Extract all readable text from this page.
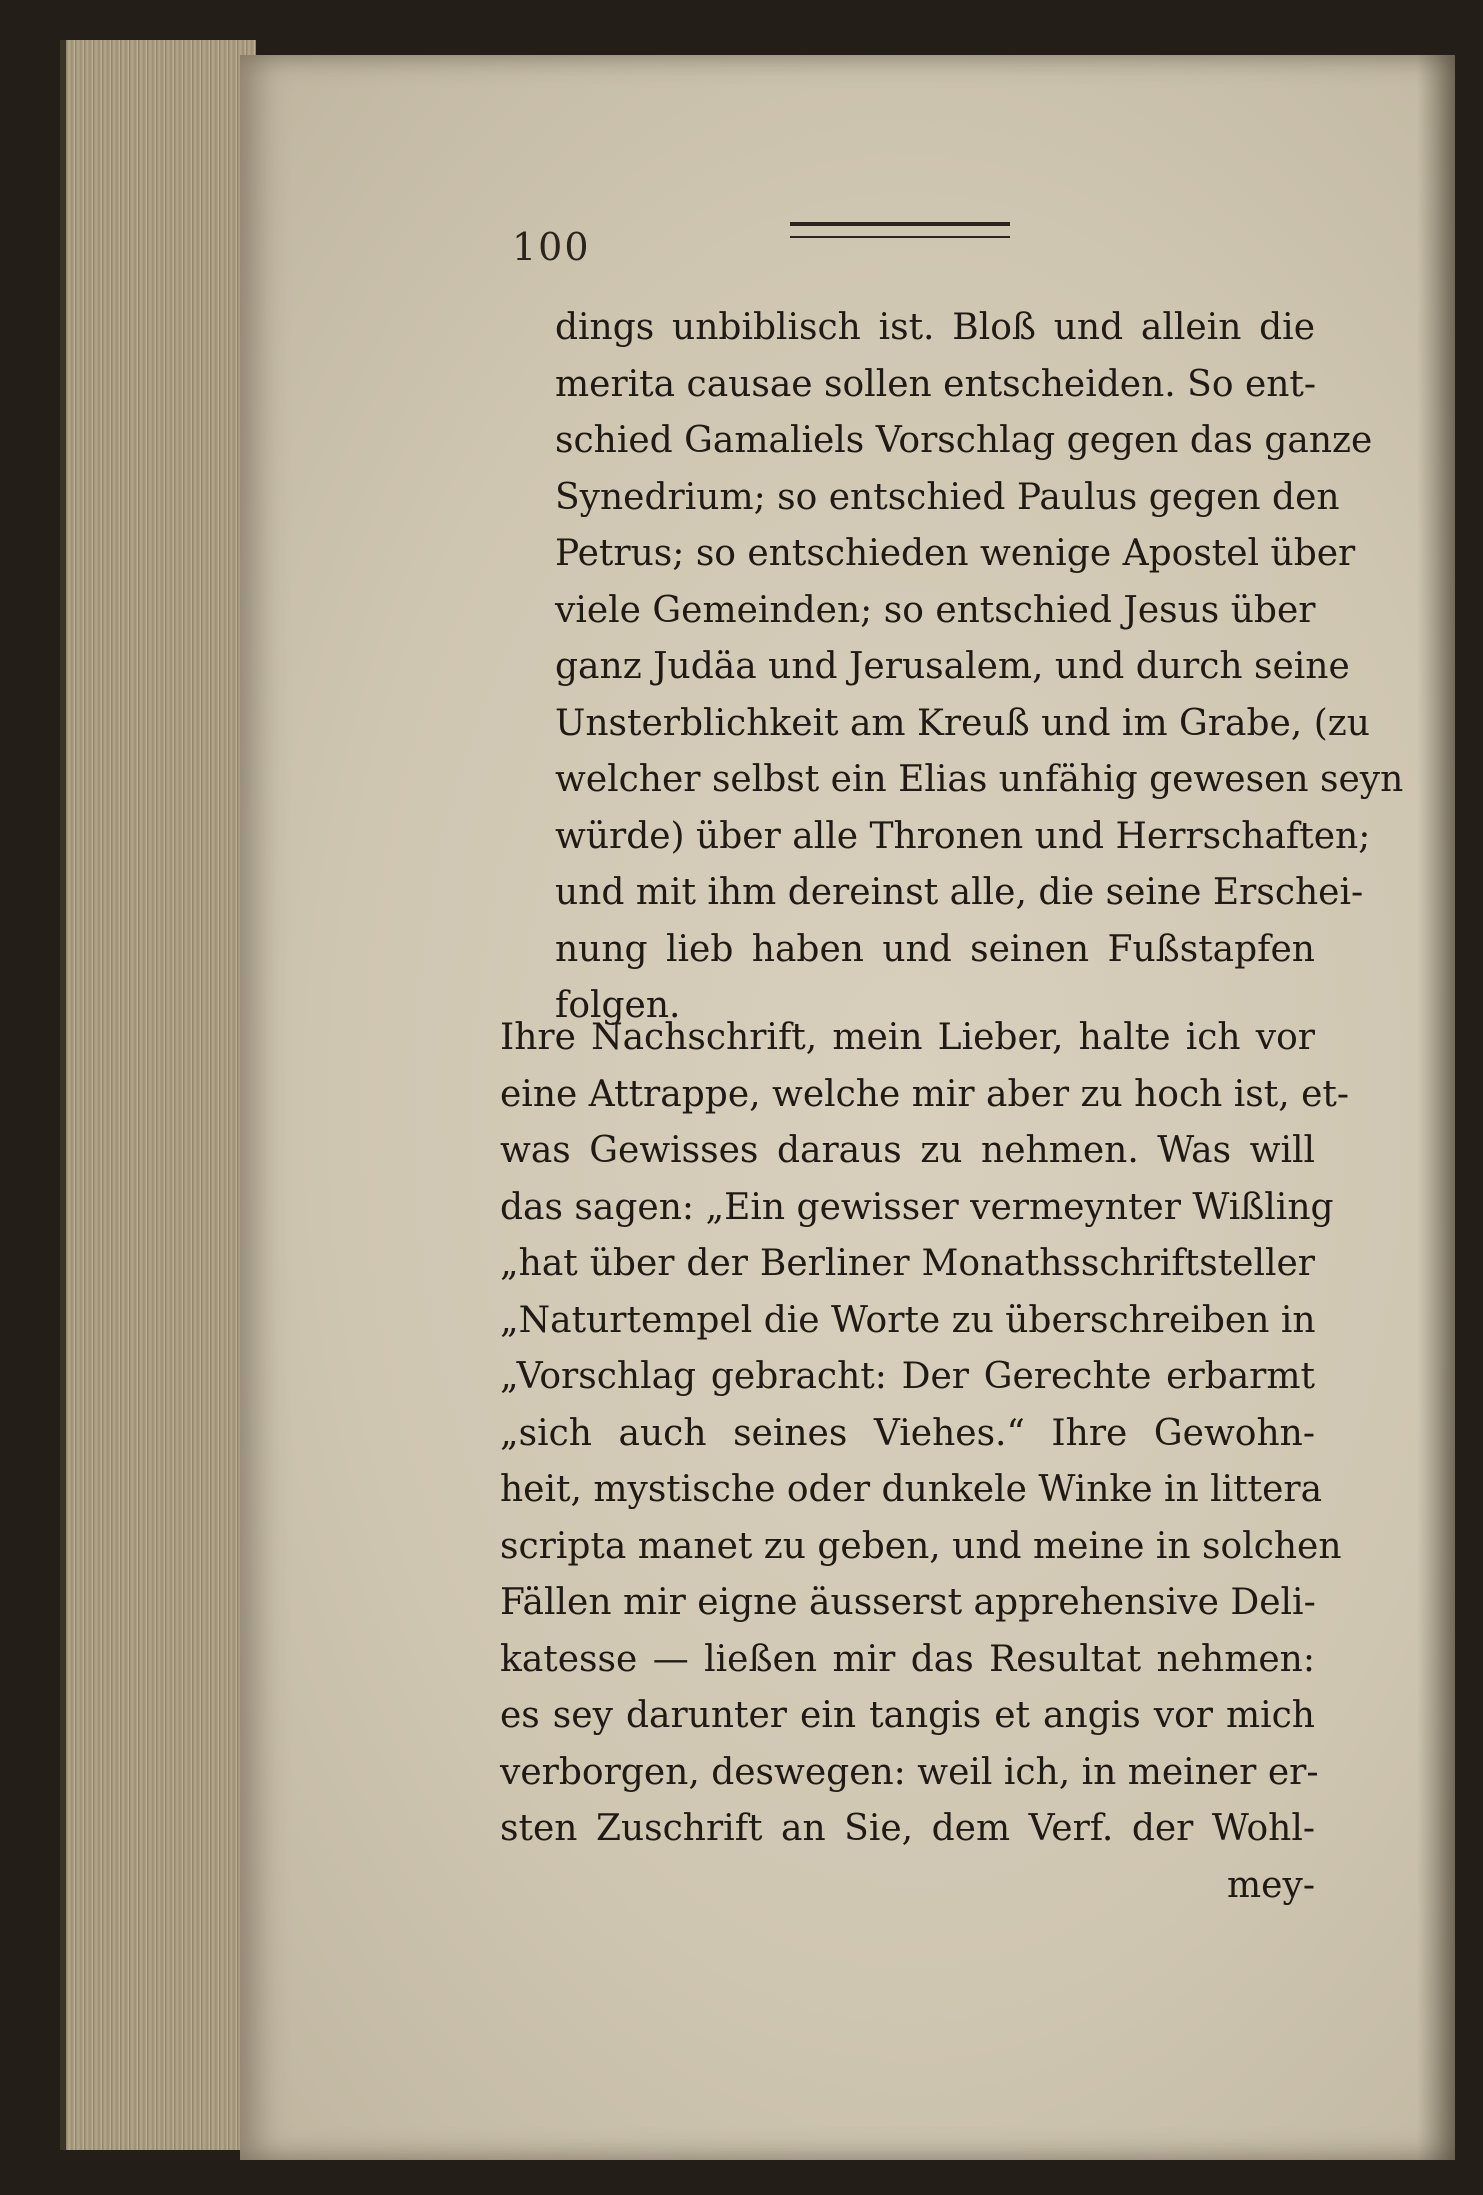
100
dings unbiblisch ist. Bloß und allein die
merita causae sollen entscheiden. So ent-
schied Gamaliels Vorschlag gegen das ganze
Synedrium; so entschied Paulus gegen den
Petrus; so entschieden wenige Apostel über
viele Gemeinden; so entschied Jesus über
ganz Judäa und Jerusalem, und durch seine
Unsterblichkeit am Kreuß und im Grabe, (zu
welcher selbst ein Elias unfähig gewesen seyn
würde) über alle Thronen und Herrschaften;
und mit ihm dereinst alle, die seine Erschei-
nung lieb haben und seinen Fußstapfen
folgen.
Ihre Nachschrift, mein Lieber, halte ich vor
eine Attrappe, welche mir aber zu hoch ist, et-
was Gewisses daraus zu nehmen. Was will
das sagen: „Ein gewisser vermeynter Wißling
„hat über der Berliner Monathsschriftsteller
„Naturtempel die Worte zu überschreiben in
„Vorschlag gebracht: Der Gerechte erbarmt
„sich auch seines Viehes.“ Ihre Gewohn-
heit, mystische oder dunkele Winke in littera
scripta manet zu geben, und meine in solchen
Fällen mir eigne äusserst apprehensive Deli-
katesse — ließen mir das Resultat nehmen:
es sey darunter ein tangis et angis vor mich
verborgen, deswegen: weil ich, in meiner er-
sten Zuschrift an Sie, dem Verf. der Wohl-
mey-
